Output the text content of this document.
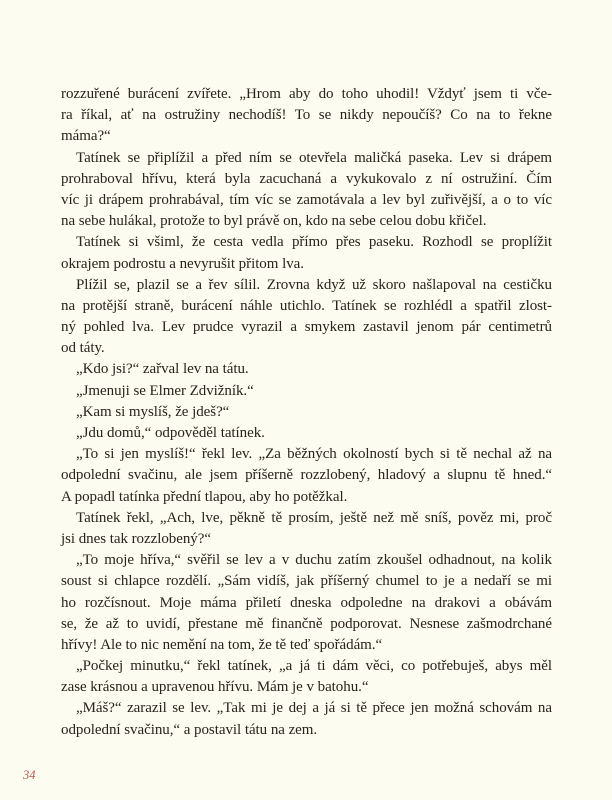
rozzuřené burácení zvířete. „Hrom aby do toho uhodil! Vždyť jsem ti vče-
ra říkal, ať na ostružiny nechodíš! To se nikdy nepoučíš? Co na to řekne
máma?“
Tatínek se připlížil a před ním se otevřela maličká paseka. Lev si drápem
prohraboval hřívu, která byla zacuchaná a vykukovalo z ní ostružiní. Čím
víc ji drápem prohrabával, tím víc se zamotávala a lev byl zuřivější, a o to víc
na sebe hulákal, protože to byl právě on, kdo na sebe celou dobu křičel.
Tatínek si všiml, že cesta vedla přímo přes paseku. Rozhodl se proplížit
okrajem podrostu a nevyrušit přitom lva.
Plížil se, plazil se a řev sílil. Zrovna když už skoro našlapoval na cestičku
na protější straně, burácení náhle utichlo. Tatínek se rozhlédl a spatřil zlost-
ný pohled lva. Lev prudce vyrazil a smykem zastavil jenom pár centimetrů
od táty.
„Kdo jsi?“ zařval lev na tátu.
„Jmenuji se Elmer Zdvižník.“
„Kam si myslíš, že jdeš?“
„Jdu domů,“ odpověděl tatínek.
„To si jen myslíš!“ řekl lev. „Za běžných okolností bych si tě nechal až na
odpolední svačinu, ale jsem příšerně rozzlobený, hladový a slupnu tě hned.“
A popadl tatínka přední tlapou, aby ho potěžkal.
Tatínek řekl, „Ach, lve, pěkně tě prosím, ještě než mě sníš, pověz mi, proč
jsi dnes tak rozzlobený?“
„To moje hříva,“ svěřil se lev a v duchu zatím zkoušel odhadnout, na kolik
soust si chlapce rozdělí. „Sám vidíš, jak příšerný chumel to je a nedaří se mi
ho rozčísnout. Moje máma přiletí dneska odpoledne na drakovi a obávám
se, že až to uvidí, přestane mě finančně podporovat. Nesnese zašmodrchané
hřívy! Ale to nic nemění na tom, že tě teď spořádám.“
„Počkej minutku,“ řekl tatínek, „a já ti dám věci, co potřebuješ, abys měl
zase krásnou a upravenou hřívu. Mám je v batohu.“
„Máš?“ zarazil se lev. „Tak mi je dej a já si tě přece jen možná schovám na
odpolední svačinu,“ a postavil tátu na zem.
34
